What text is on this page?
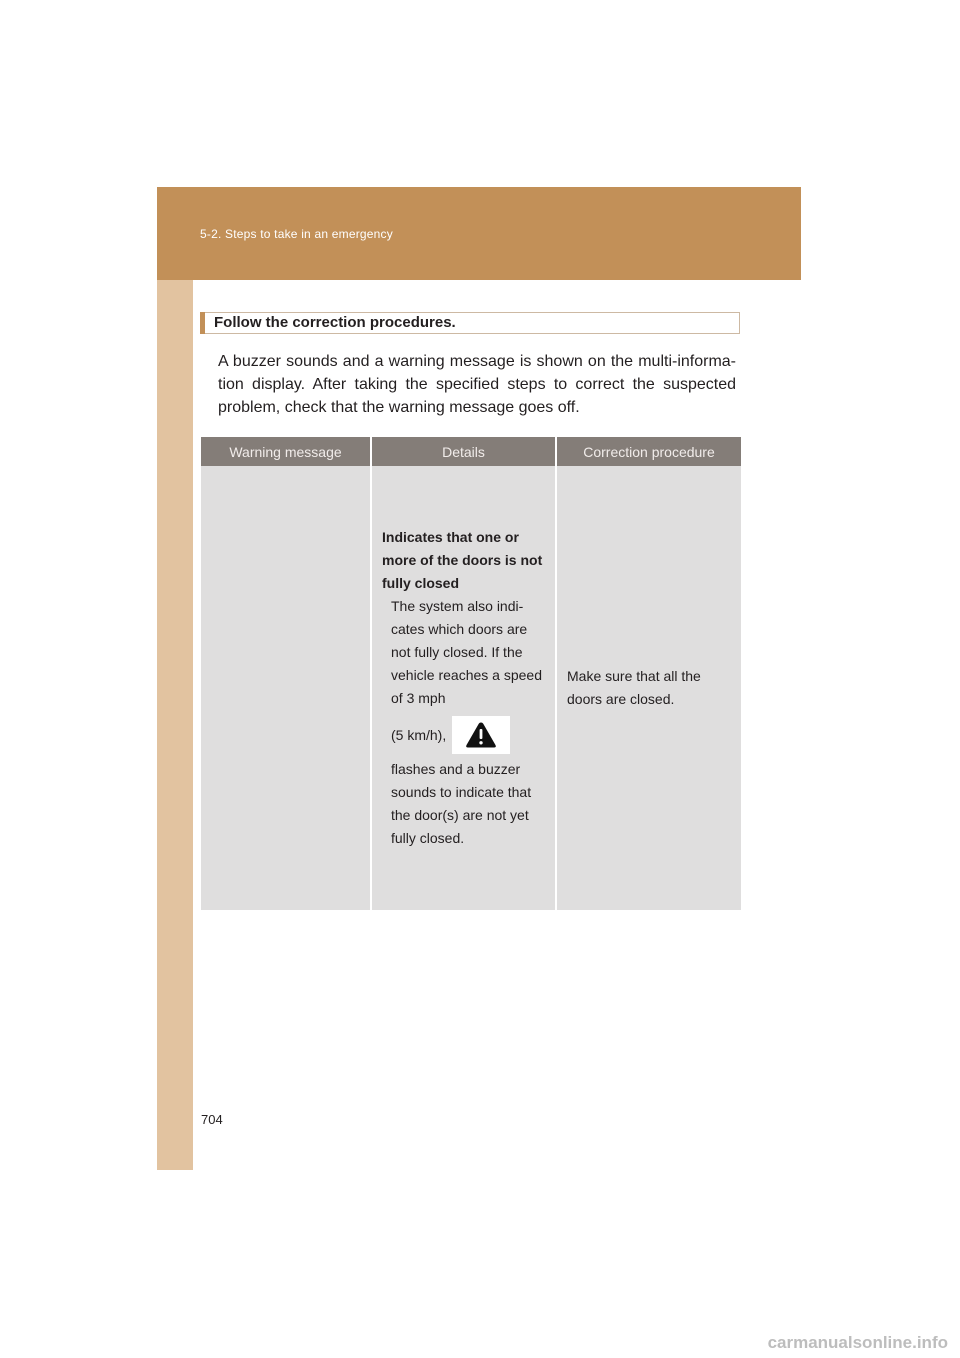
5-2. Steps to take in an emergency
Follow the correction procedures.
A buzzer sounds and a warning message is shown on the multi-informa-tion display. After taking the specified steps to correct the suspected problem, check that the warning message goes off.
Warning message	Details	Correction procedure

	Indicates that one or more of the doors is not fully closed
The system also indi-cates which doors are not fully closed. If the vehicle reaches a speed of 3 mph
(5 km/h),
flashes and a buzzer sounds to indicate that the door(s) are not yet fully closed.	Make sure that all the doors are closed.
704
carmanualsonline.info
